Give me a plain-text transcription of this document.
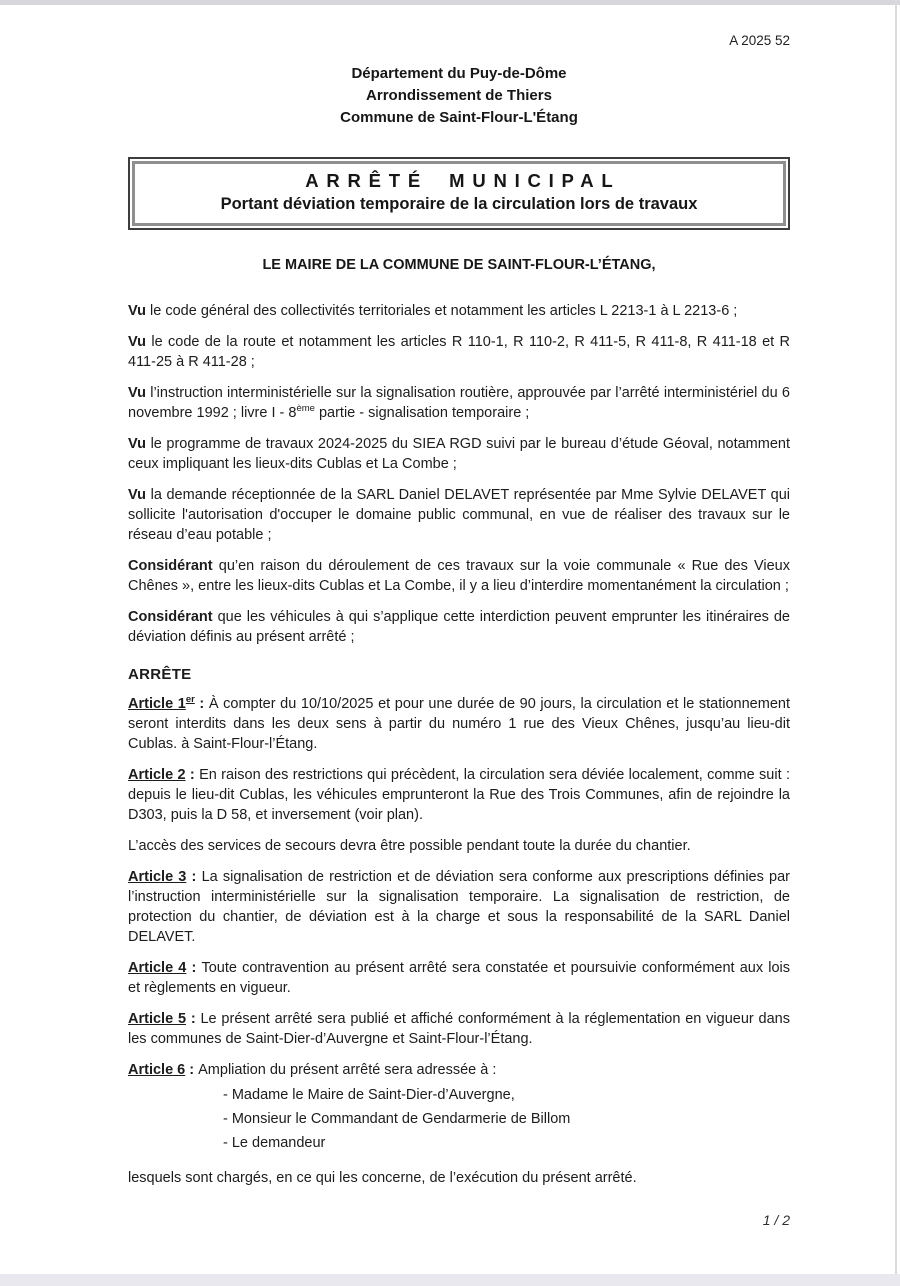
A 2025 52
Département du Puy-de-Dôme
Arrondissement de Thiers
Commune de Saint-Flour-L'Étang
ARRÊTÉ MUNICIPAL
Portant déviation temporaire de la circulation lors de travaux
LE MAIRE DE LA COMMUNE DE SAINT-FLOUR-L’ÉTANG,

Vu le code général des collectivités territoriales et notamment les articles L 2213-1 à L 2213-6 ;

Vu le code de la route et notamment les articles R 110-1, R 110-2, R 411-5, R 411-8, R 411-18 et R 411-25 à R 411-28 ;

Vu l’instruction interministérielle sur la signalisation routière, approuvée par l’arrêté interministériel du 6 novembre 1992 ; livre I - 8ème partie - signalisation temporaire ;

Vu le programme de travaux 2024-2025 du SIEA RGD suivi par le bureau d’étude Géoval, notamment ceux impliquant les lieux-dits Cublas et La Combe ;

Vu la demande réceptionnée de la SARL Daniel DELAVET représentée par Mme Sylvie DELAVET qui sollicite l'autorisation d'occuper le domaine public communal, en vue de réaliser des travaux sur le réseau d’eau potable ;

Considérant qu’en raison du déroulement de ces travaux sur la voie communale « Rue des Vieux Chênes », entre les lieux-dits Cublas et La Combe, il y a lieu d’interdire momentanément la circulation ;

Considérant que les véhicules à qui s’applique cette interdiction peuvent emprunter les itinéraires de déviation définis au présent arrêté ;

ARRÊTE

Article 1er : À compter du 10/10/2025 et pour une durée de 90 jours, la circulation et le stationnement seront interdits dans les deux sens à partir du numéro 1 rue des Vieux Chênes, jusqu’au lieu-dit Cublas. à Saint-Flour-l’Étang.

Article 2 : En raison des restrictions qui précèdent, la circulation sera déviée localement, comme suit : depuis le lieu-dit Cublas, les véhicules emprunteront la Rue des Trois Communes, afin de rejoindre la D303, puis la D 58, et inversement (voir plan).

L’accès des services de secours devra être possible pendant toute la durée du chantier.

Article 3 : La signalisation de restriction et de déviation sera conforme aux prescriptions définies par l’instruction interministérielle sur la signalisation temporaire. La signalisation de restriction, de protection du chantier, de déviation est à la charge et sous la responsabilité de la SARL Daniel DELAVET.

Article 4 : Toute contravention au présent arrêté sera constatée et poursuivie conformément aux lois et règlements en vigueur.

Article 5 : Le présent arrêté sera publié et affiché conformément à la réglementation en vigueur dans les communes de Saint-Dier-d’Auvergne et Saint-Flour-l’Étang.

Article 6 : Ampliation du présent arrêté sera adressée à :

- Madame le Maire de Saint-Dier-d’Auvergne,
- Monsieur le Commandant de Gendarmerie de Billom
- Le demandeur

lesquels sont chargés, en ce qui les concerne, de l’exécution du présent arrêté.

1 / 2
